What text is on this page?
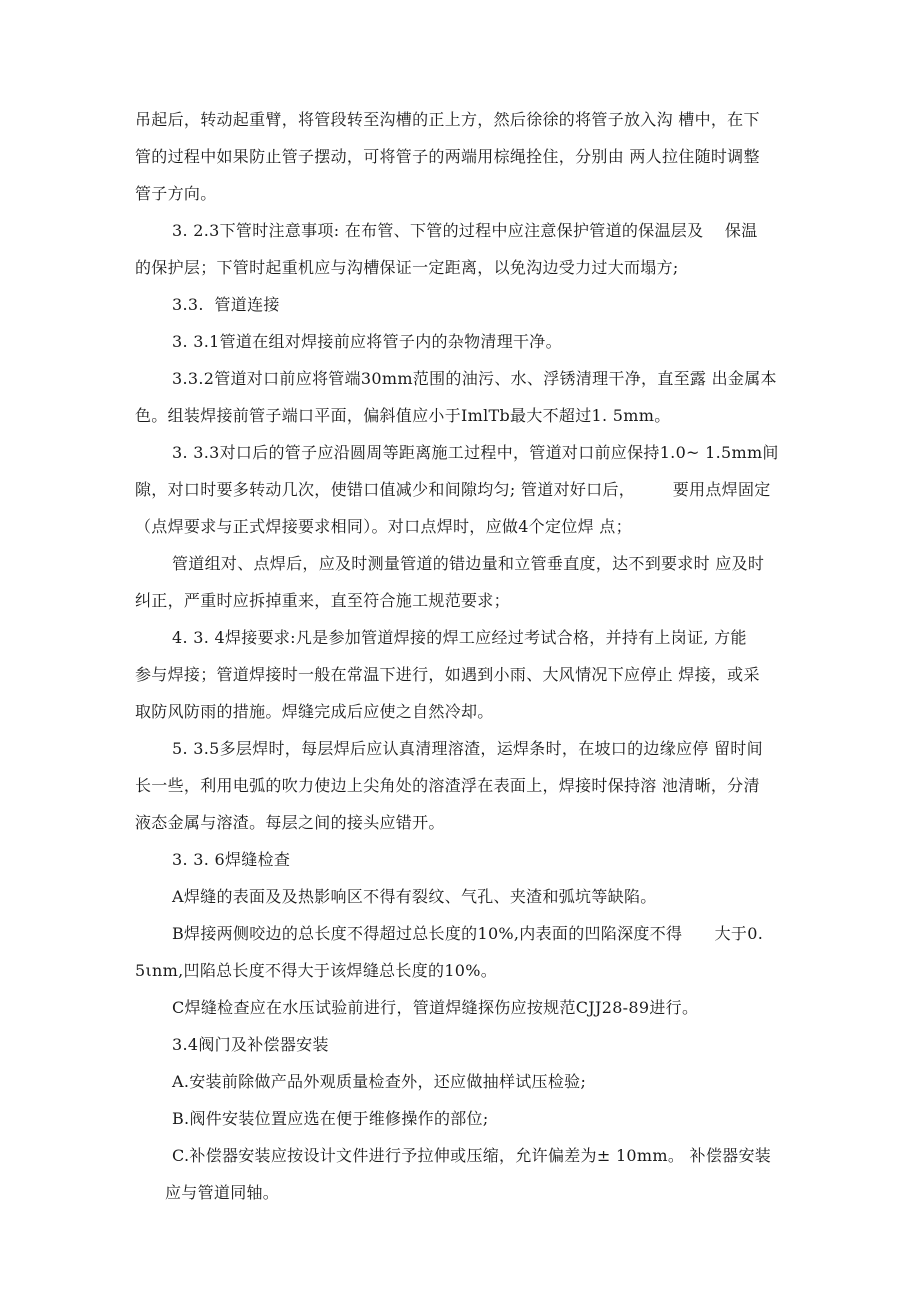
吊起后，转动起重臂，将管段转至沟槽的正上方，然后徐徐的将管子放入沟 槽中，在下
管的过程中如果防止管子摆动，可将管子的两端用棕绳拴住，分别由 两人拉住随时调整
管子方向。
3. 2.3下管时注意事项: 在布管、下管的过程中应注意保护管道的保温层及    保温
的保护层；下管时起重机应与沟槽保证一定距离，以免沟边受力过大而塌方;
3.3.  管道连接
3. 3.1管道在组对焊接前应将管子内的杂物清理干净。
3.3.2管道对口前应将管端30mm范围的油污、水、浮锈清理干净，直至露 出金属本
色。组装焊接前管子端口平面，偏斜值应小于ImlTb最大不超过1. 5mm。
3. 3.3对口后的管子应沿圆周等距离施工过程中，管道对口前应保持1.0~ 1.5mm间
隙，对口时要多转动几次，使错口值减少和间隙均匀; 管道对好口后，       要用点焊固定
（点焊要求与正式焊接要求相同）。对口点焊时，应做4个定位焊 点；
管道组对、点焊后，应及时测量管道的错边量和立管垂直度，达不到要求时 应及时
纠正，严重时应拆掉重来，直至符合施工规范要求；
4. 3. 4焊接要求:凡是参加管道焊接的焊工应经过考试合格，并持有上岗证, 方能
参与焊接；管道焊接时一般在常温下进行，如遇到小雨、大风情况下应停止 焊接，或采
取防风防雨的措施。焊缝完成后应使之自然冷却。
5. 3.5多层焊时，每层焊后应认真清理溶渣，运焊条时，在坡口的边缘应停 留时间
长一些，利用电弧的吹力使边上尖角处的溶渣浮在表面上，焊接时保持溶 池清晰，分清
液态金属与溶渣。每层之间的接头应错开。
3. 3. 6焊缝检查
A焊缝的表面及及热影响区不得有裂纹、气孔、夹渣和弧坑等缺陷。
B焊接两侧咬边的总长度不得超过总长度的10%,内表面的凹陷深度不得      大于0.
5ιnm,凹陷总长度不得大于该焊缝总长度的10%。
C焊缝检查应在水压试验前进行，管道焊缝探伤应按规范CJJ28-89进行。
3.4阀门及补偿器安装
A.安装前除做产品外观质量检查外，还应做抽样试压检验;
B.阀件安装位置应选在便于维修操作的部位;
C.补偿器安装应按设计文件进行予拉伸或压缩，允许偏差为± 10mm。 补偿器安装
应与管道同轴。
